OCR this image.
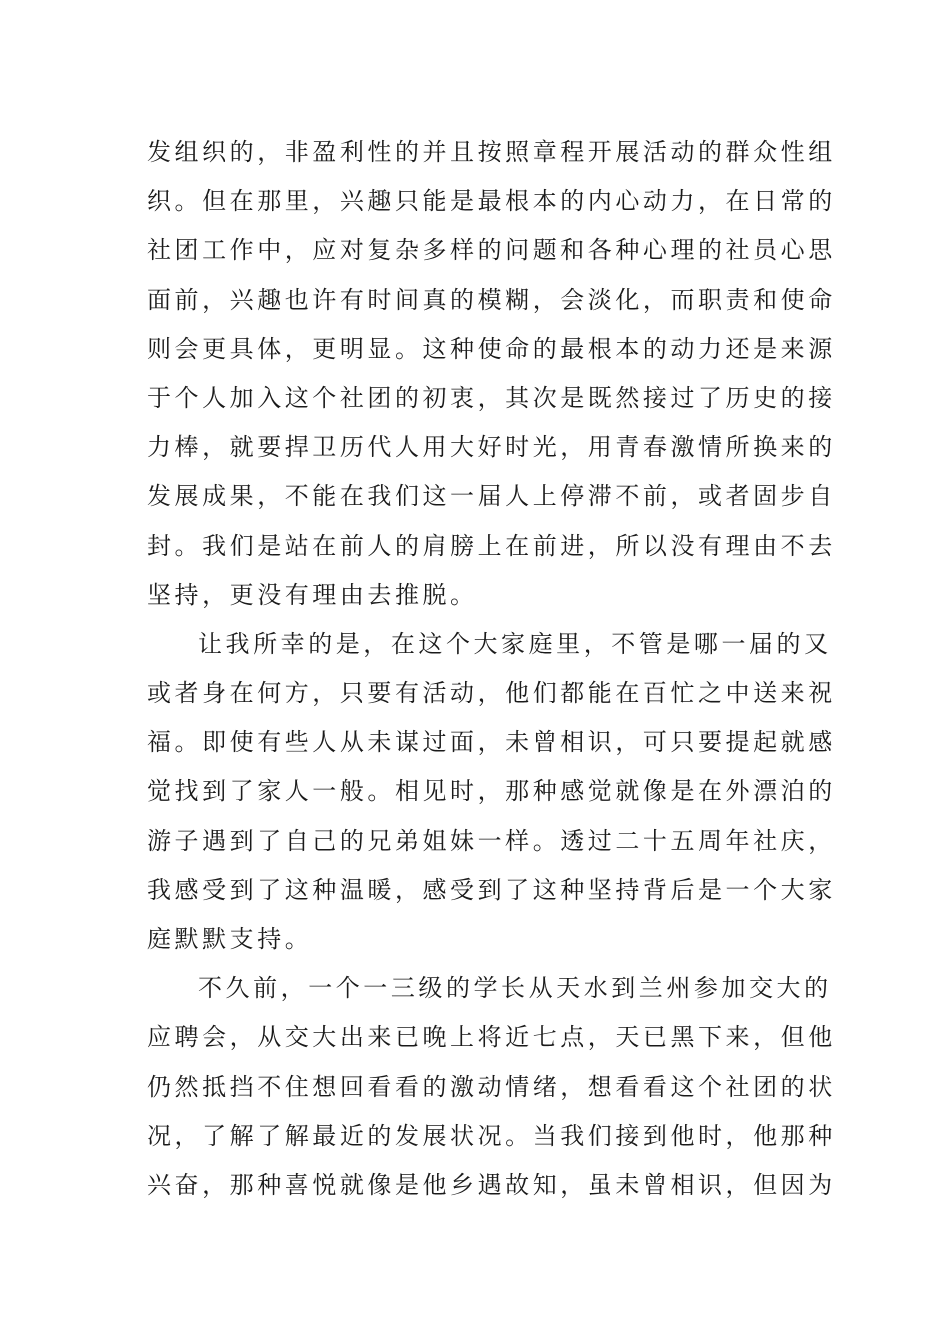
发组织的，非盈利性的并且按照章程开展活动的群众性组
织。但在那里，兴趣只能是最根本的内心动力，在日常的
社团工作中，应对复杂多样的问题和各种心理的社员心思
面前，兴趣也许有时间真的模糊，会淡化，而职责和使命
则会更具体，更明显。这种使命的最根本的动力还是来源
于个人加入这个社团的初衷，其次是既然接过了历史的接
力棒，就要捍卫历代人用大好时光，用青春激情所换来的
发展成果，不能在我们这一届人上停滞不前，或者固步自
封。我们是站在前人的肩膀上在前进，所以没有理由不去
坚持，更没有理由去推脱。
让我所幸的是，在这个大家庭里，不管是哪一届的又
或者身在何方，只要有活动，他们都能在百忙之中送来祝
福。即使有些人从未谋过面，未曾相识，可只要提起就感
觉找到了家人一般。相见时，那种感觉就像是在外漂泊的
游子遇到了自己的兄弟姐妹一样。透过二十五周年社庆，
我感受到了这种温暖，感受到了这种坚持背后是一个大家
庭默默支持。
不久前，一个一三级的学长从天水到兰州参加交大的
应聘会，从交大出来已晚上将近七点，天已黑下来，但他
仍然抵挡不住想回看看的激动情绪，想看看这个社团的状
况，了解了解最近的发展状况。当我们接到他时，他那种
兴奋，那种喜悦就像是他乡遇故知，虽未曾相识，但因为
